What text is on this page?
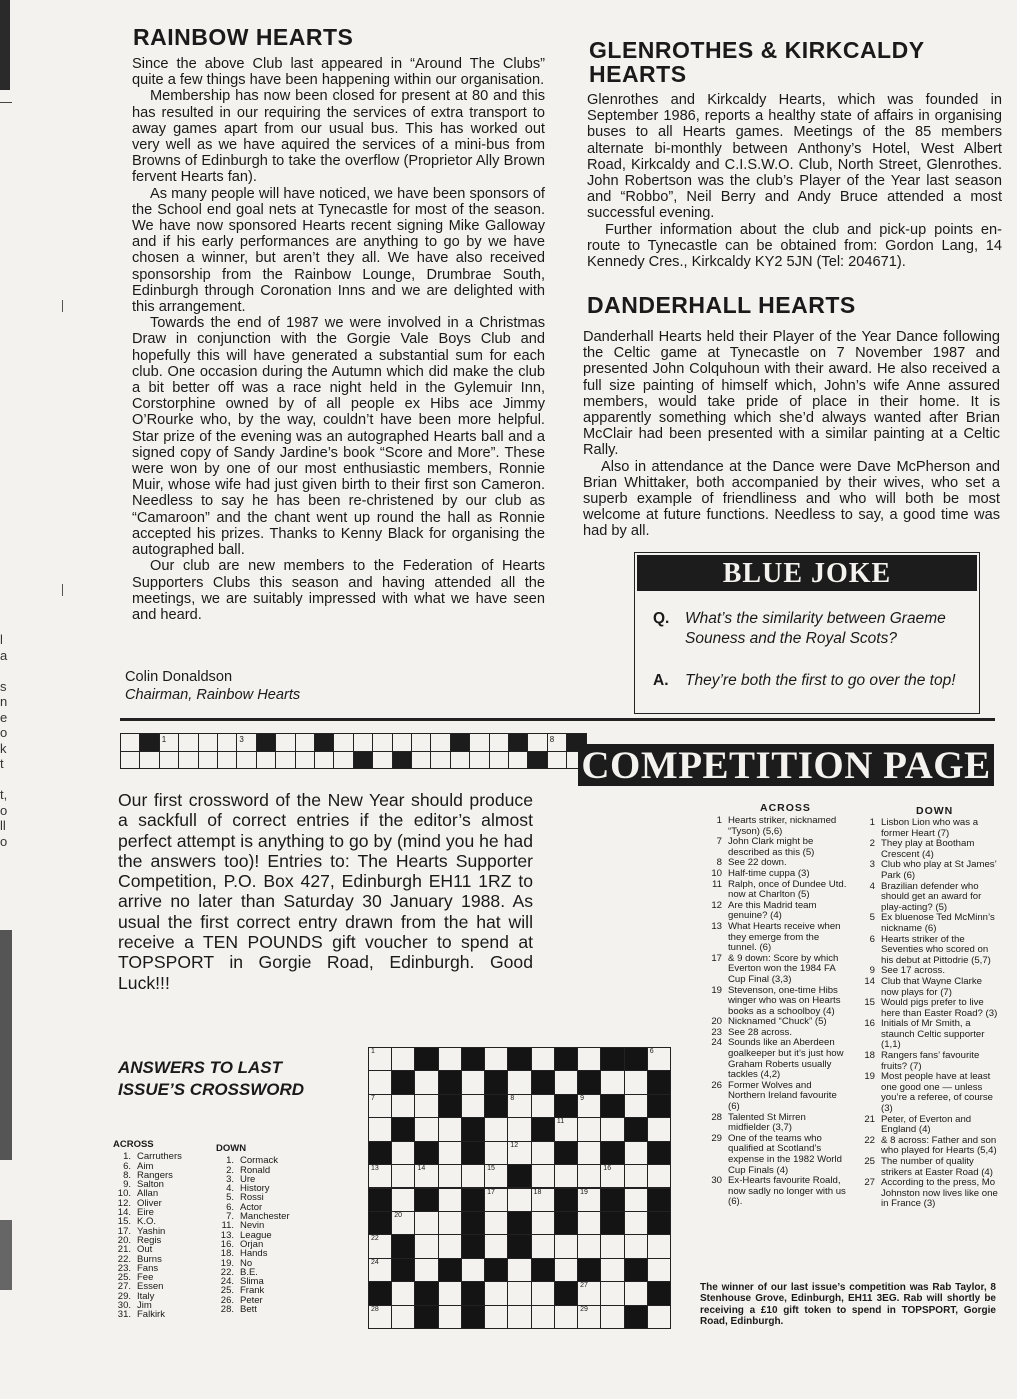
l
a

s
n
e
o
k
t

t,
o
ll
o
RAINBOW HEARTS

Since the above Club last appeared in “Around The Clubs” quite a few things have been happening within our organisation.

Membership has now been closed for present at 80 and this has resulted in our requiring the services of extra transport to away games apart from our usual bus. This has worked out very well as we have aquired the services of a mini-bus from Browns of Edinburgh to take the overflow (Proprietor Ally Brown fervent Hearts fan).

As many people will have noticed, we have been sponsors of the School end goal nets at Tynecastle for most of the season. We have now sponsored Hearts recent signing Mike Galloway and if his early performances are anything to go by we have chosen a winner, but aren’t they all. We have also received sponsorship from the Rainbow Lounge, Drumbrae South, Edinburgh through Coronation Inns and we are delighted with this arrangement.

Towards the end of 1987 we were involved in a Christmas Draw in conjunction with the Gorgie Vale Boys Club and hopefully this will have generated a substantial sum for each club. One occasion during the Autumn which did make the club a bit better off was a race night held in the Gylemuir Inn, Corstorphine owned by of all people ex Hibs ace Jimmy O’Rourke who, by the way, couldn’t have been more helpful. Star prize of the evening was an autographed Hearts ball and a signed copy of Sandy Jardine’s book “Score and More”. These were won by one of our most enthusiastic members, Ronnie Muir, whose wife had just given birth to their first son Cameron. Needless to say he has been re-christened by our club as “Camaroon” and the chant went up round the hall as Ronnie accepted his prizes. Thanks to Kenny Black for organising the autographed ball.

Our club are new members to the Federation of Hearts Supporters Clubs this season and having attended all the meetings, we are suitably impressed with what we have seen and heard.

Colin Donaldson
Chairman, Rainbow Hearts
GLENROTHES & KIRKCALDY
HEARTS

Glenrothes and Kirkcaldy Hearts, which was founded in September 1986, reports a healthy state of affairs in organising buses to all Hearts games. Meetings of the 85 members alternate bi-monthly between Anthony’s Hotel, West Albert Road, Kirkcaldy and C.I.S.W.O. Club, North Street, Glenrothes. John Robertson was the club’s Player of the Year last season and “Robbo”, Neil Berry and Andy Bruce attended a most successful evening.

Further information about the club and pick-up points en-route to Tynecastle can be obtained from: Gordon Lang, 14 Kennedy Cres., Kirkcaldy KY2 5JN (Tel: 204671).

DANDERHALL HEARTS

Danderhall Hearts held their Player of the Year Dance following the Celtic game at Tynecastle on 7 November 1987 and presented John Colquhoun with their award. He also received a full size painting of himself which, John’s wife Anne assured members, would take pride of place in their home. It is apparently something which she’d always wanted after Brian McClair had been presented with a similar painting at a Celtic Rally.

Also in attendance at the Dance were Dave McPherson and Brian Whittaker, both accompanied by their wives, who set a superb example of friendliness and who will both be most welcome at future functions. Needless to say, a good time was had by all.

BLUE JOKE
Q. What’s the similarity between Graeme Souness and the Royal Scots?
A. They’re both the first to go over the top!
1	3	8
4	COMPETITION PAGE
Our first crossword of the New Year should produce a sackfull of correct entries if the editor’s almost perfect attempt is anything to go by (mind you he had the answers too)! Entries to: The Hearts Supporter Competition, P.O. Box 427, Edinburgh EH11 1RZ to arrive no later than Saturday 30 January 1988. As usual the first correct entry drawn from the hat will receive a TEN POUNDS gift voucher to spend at TOPSPORT in Gorgie Road, Edinburgh. Good Luck!!!
ACROSS
1 Hearts striker, nicknamed “Tyson) (5,6)
7 John Clark might be described as this (5)
8 See 22 down.
10 Half-time cuppa (3)
11 Ralph, once of Dundee Utd. now at Charlton (5)
12 Are this Madrid team genuine? (4)
13 What Hearts receive when they emerge from the tunnel. (6)
17 & 9 down: Score by which Everton won the 1984 FA Cup Final (3,3)
19 Stevenson, one-time Hibs winger who was on Hearts books as a schoolboy (4)
20 Nicknamed “Chuck” (5)
23 See 28 across.
24 Sounds like an Aberdeen goalkeeper but it’s just how Graham Roberts usually tackles (4,2)
26 Former Wolves and Northern Ireland favourite (6)
28 Talented St Mirren midfielder (3,7)
29 One of the teams who qualified at Scotland’s expense in the 1982 World Cup Finals (4)
30 Ex-Hearts favourite Roald, now sadly no longer with us (6).
DOWN
1 Lisbon Lion who was a former Heart (7)
2 They play at Bootham Crescent (4)
3 Club who play at St James’ Park (6)
4 Brazilian defender who should get an award for play-acting? (5)
5 Ex bluenose Ted McMinn’s nickname (6)
6 Hearts striker of the Seventies who scored on his debut at Pittodrie (5,7)
9 See 17 across.
14 Club that Wayne Clarke now plays for (7)
15 Would pigs prefer to live here than Easter Road? (3)
16 Initials of Mr Smith, a staunch Celtic supporter (1,1)
18 Rangers fans’ favourite fruits? (7)
19 Most people have at least one good one — unless you’re a referee, of course (3)
21 Peter, of Everton and England (4)
22 & 8 across: Father and son who played for Hearts (5,4)
25 The number of quality strikers at Easter Road (4)
27 According to the press, Mo Johnston now lives like one in France (3)
ANSWERS TO LAST
ISSUE’S CROSSWORD
ACROSS
1. Carruthers
6. Aim
8. Rangers
9. Salton
10. Allan
12. Oliver
14. Eire
15. K.O.
17. Yashin
20. Regis
21. Out
22. Burns
23. Fans
25. Fee
27. Essen
29. Italy
30. Jim
31. Falkirk
DOWN
1. Cormack
2. Ronald
3. Ure
4. History
5. Rossi
6. Actor
7. Manchester
11. Nevin
13. League
16. Orjan
18. Hands
19. No
22. B.E.
24. Slima
25. Frank
26. Peter
28. Bett
1	6
7	8	9
11
12
13	14	15	16
17	18	19
20
22
24
27
28	29
The winner of our last issue’s competition was Rab Taylor, 8 Stenhouse Grove, Edinburgh, EH11 3EG. Rab will shortly be receiving a £10 gift token to spend in TOPSPORT, Gorgie Road, Edinburgh.
